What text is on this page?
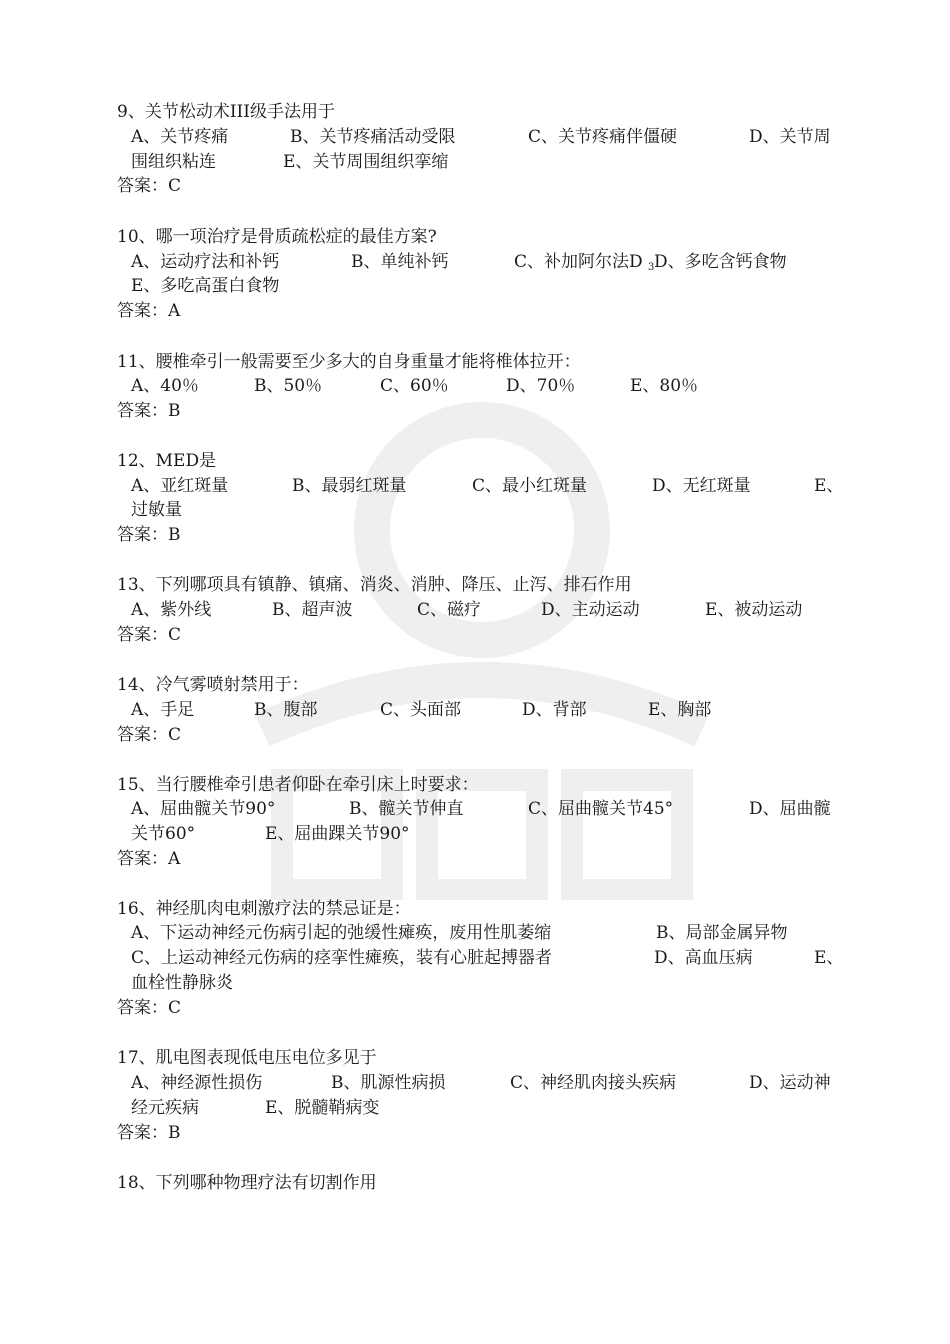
9、关节松动术III级手法用于
A、关节疼痛	B、关节疼痛活动受限	C、关节疼痛伴僵硬	D、关节周
围组织粘连	E、关节周围组织挛缩
答案：C
10、哪一项治疗是骨质疏松症的最佳方案?
A、运动疗法和补钙	B、单纯补钙	C、补加阿尔法D 3 D、多吃含钙食物
E、多吃高蛋白食物
答案：A
11、腰椎牵引一般需要至少多大的自身重量才能将椎体拉开：
A、40％	B、50％	C、60％	D、70％	E、80％
答案：B
12、MED是
A、亚红斑量	B、最弱红斑量	C、最小红斑量	D、无红斑量	E、
过敏量
答案：B
13、下列哪项具有镇静、镇痛、消炎、消肿、降压、止泻、排石作用
A、紫外线	B、超声波	C、磁疗	D、主动运动	E、被动运动
答案：C
14、冷气雾喷射禁用于：
A、手足	B、腹部	C、头面部	D、背部	E、胸部
答案：C
15、当行腰椎牵引患者仰卧在牵引床上时要求：
A、屈曲髋关节90°	B、髋关节伸直	C、屈曲髋关节45°	D、屈曲髋
关节60°	E、屈曲踝关节90°
答案：A
16、神经肌肉电刺激疗法的禁忌证是：
A、下运动神经元伤病引起的弛缓性瘫痪，废用性肌萎缩	B、局部金属异物
C、上运动神经元伤病的痉挛性瘫痪，装有心脏起搏器者	D、高血压病	E、
血栓性静脉炎
答案：C
17、肌电图表现低电压电位多见于
A、神经源性损伤	B、肌源性病损	C、神经肌肉接头疾病	D、运动神
经元疾病	E、脱髓鞘病变
答案：B
18、下列哪种物理疗法有切割作用
